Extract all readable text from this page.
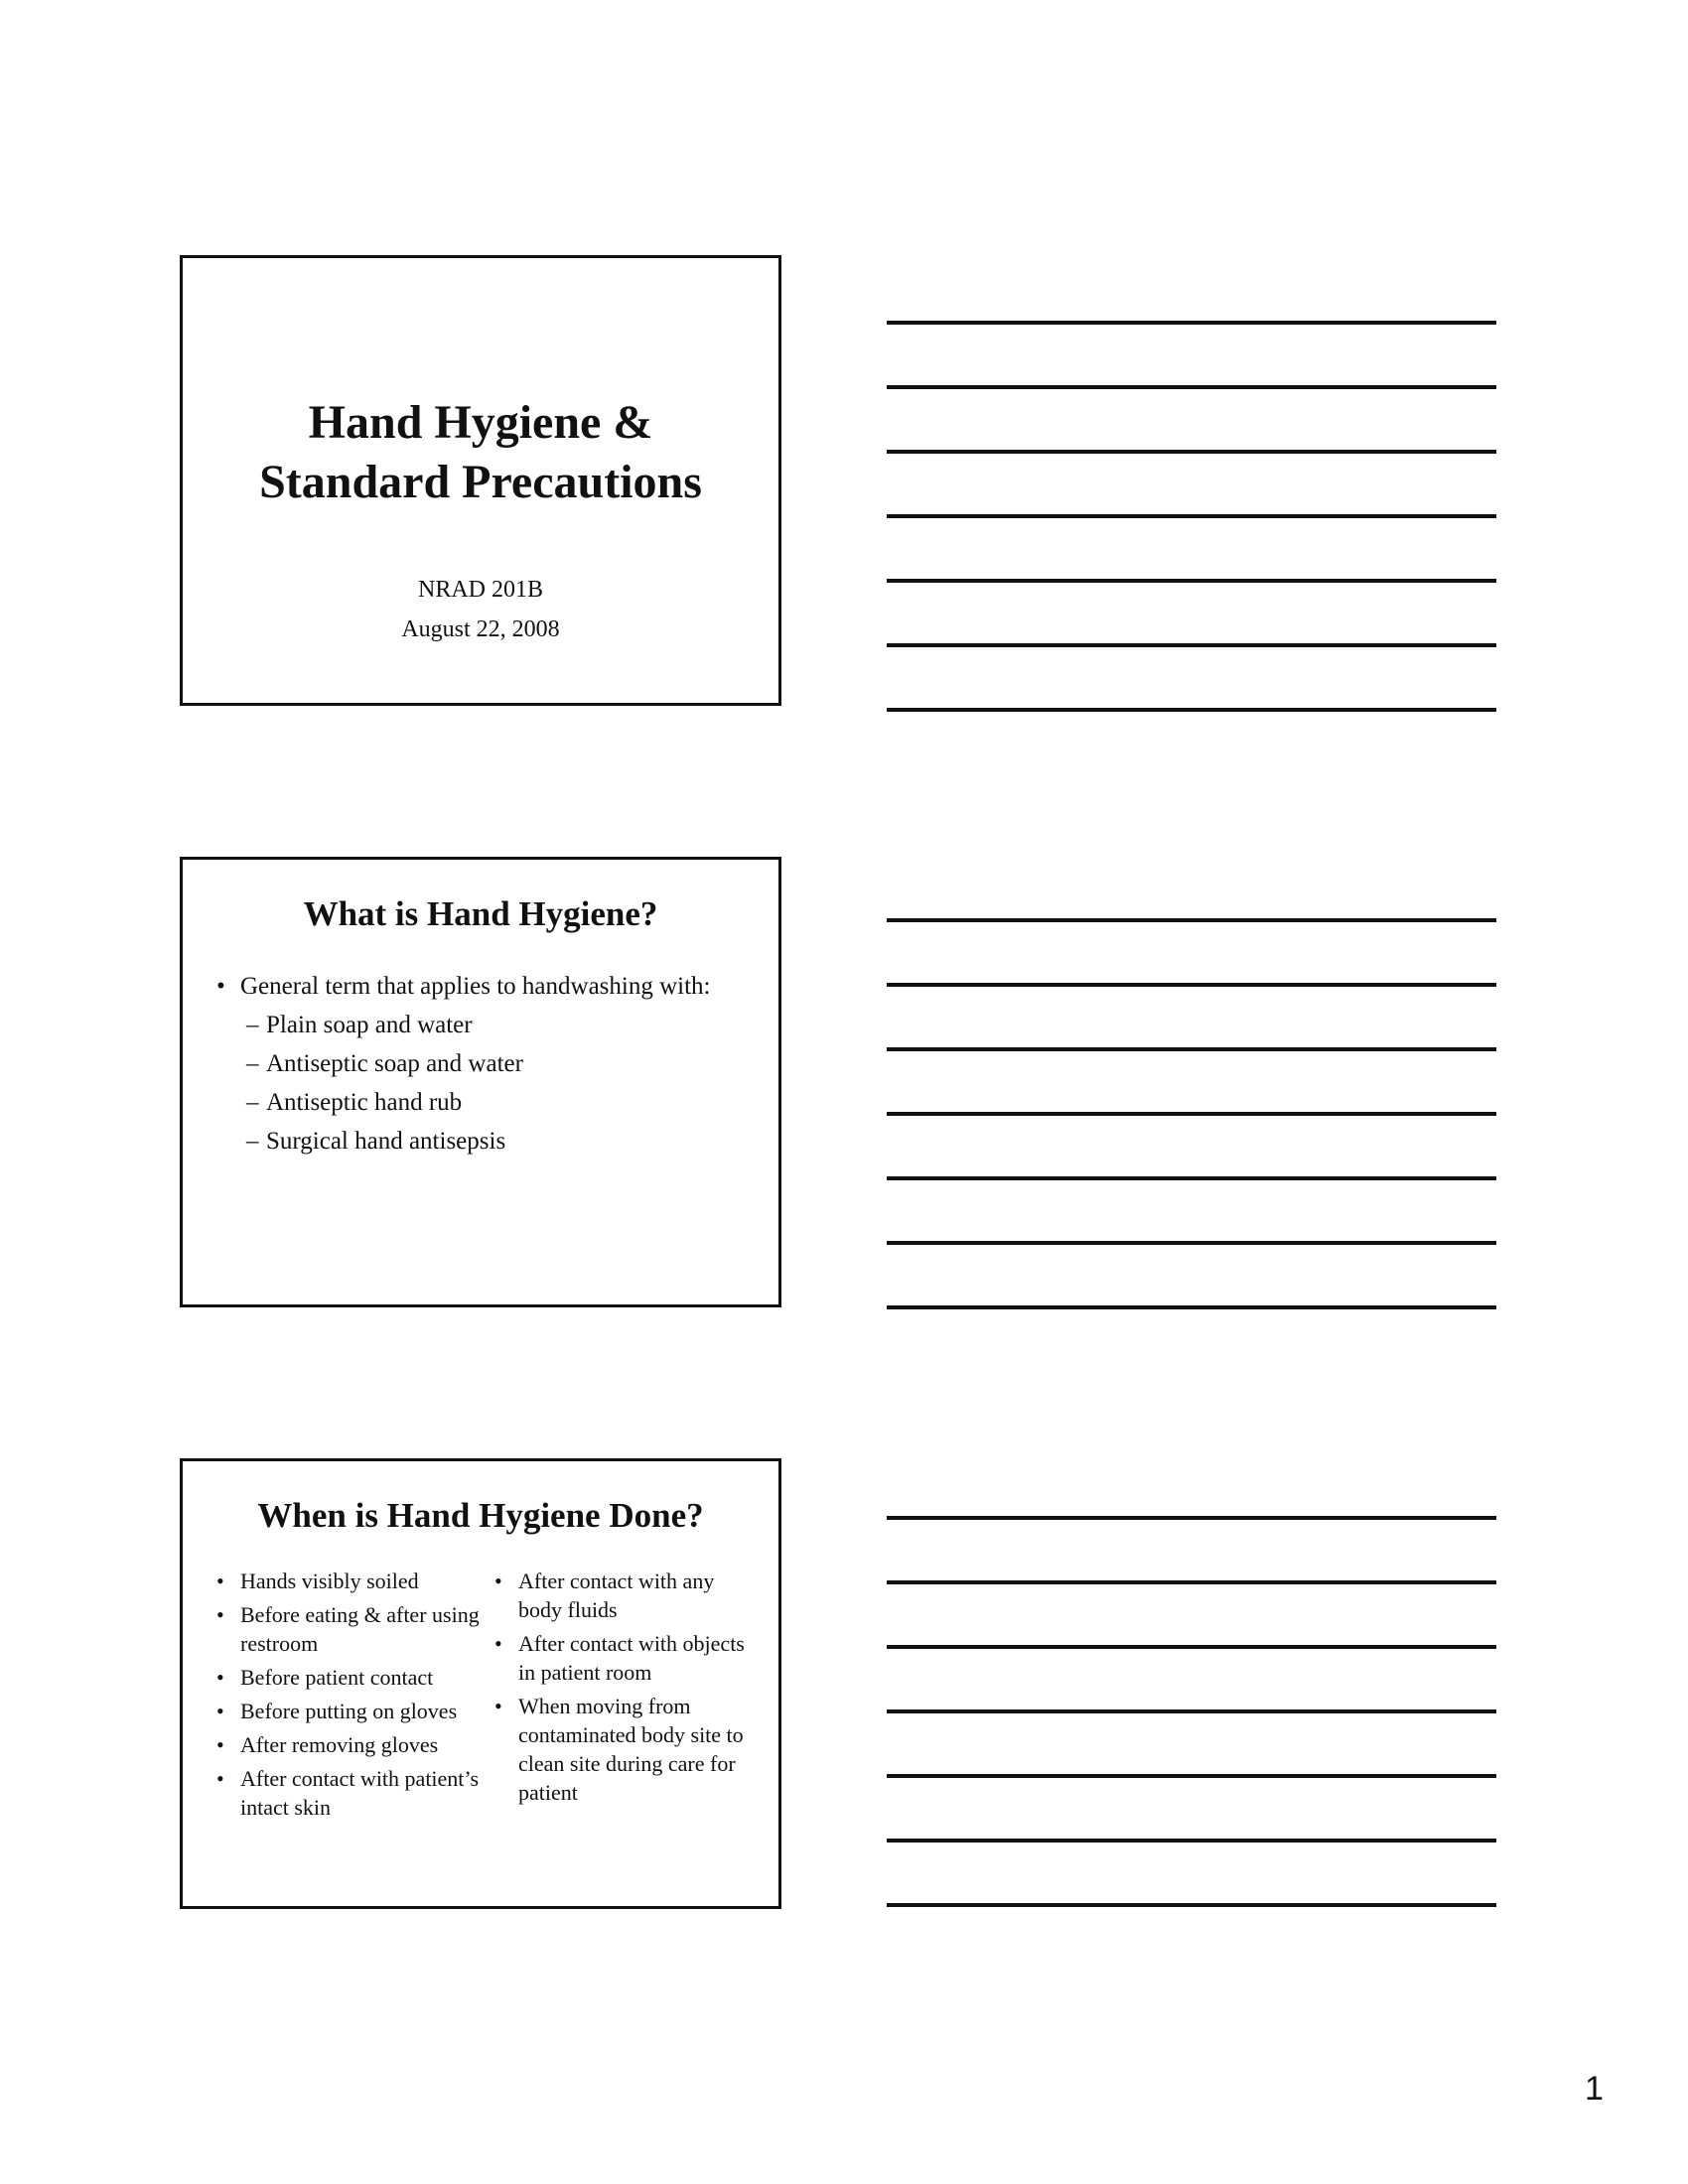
Hand Hygiene &
Standard Precautions
NRAD 201B
August 22, 2008
What is Hand Hygiene?
• General term that applies to handwashing with:
– Plain soap and water
– Antiseptic soap and water
– Antiseptic hand rub
– Surgical hand antisepsis
When is Hand Hygiene Done?
• Hands visibly soiled
• Before eating & after using restroom
• Before patient contact
• Before putting on gloves
• After removing gloves
• After contact with patient’s intact skin
• After contact with any body fluids
• After contact with objects in patient room
• When moving from contaminated body site to clean site during care for patient
1
